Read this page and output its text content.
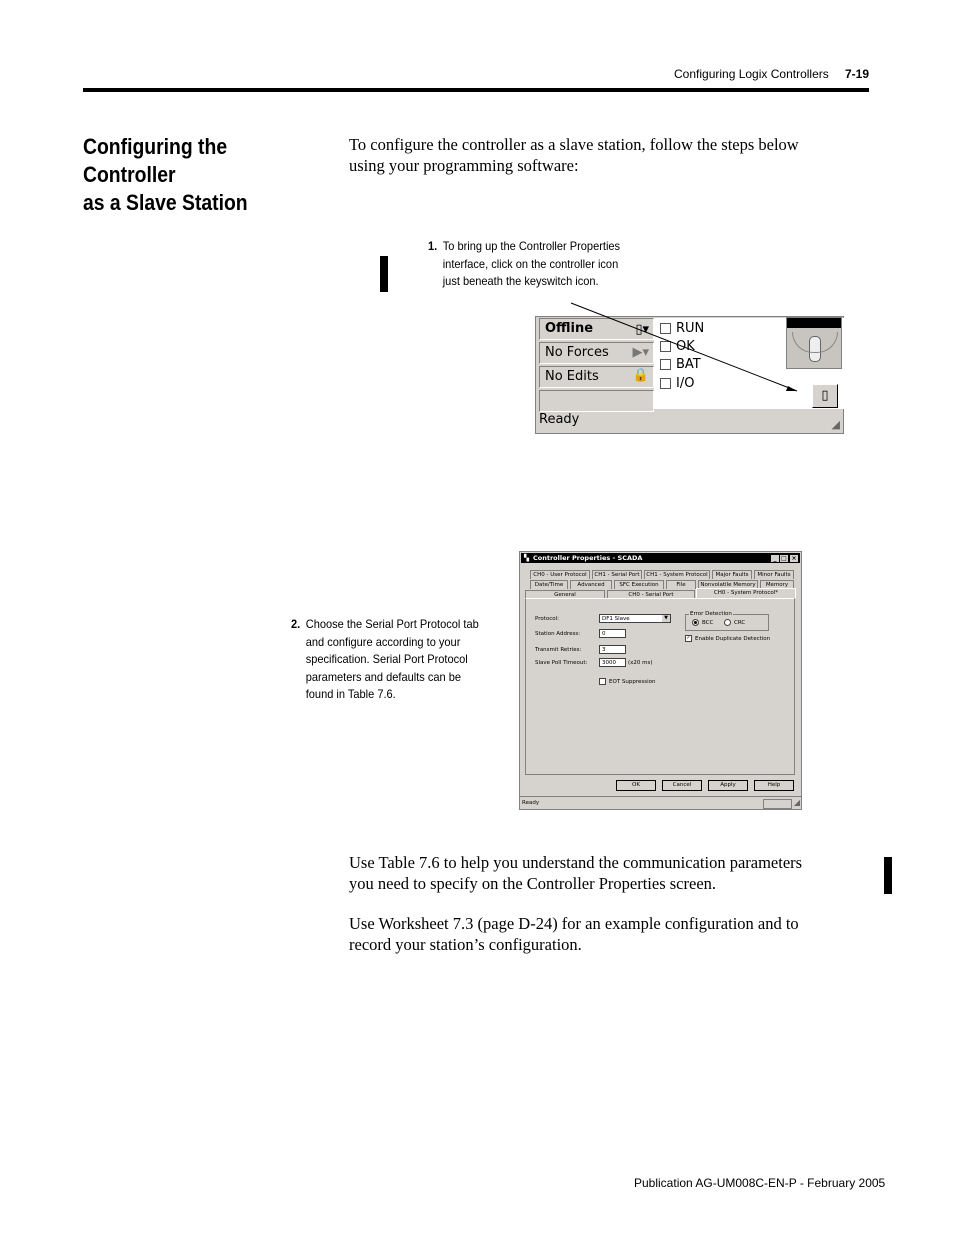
Configuring Logix Controllers 7-19
Configuring the Controller
as a Slave Station
To configure the controller as a slave station, follow the steps below
using your programming software:
1. To bring up the Controller Properties
interface, click on the controller icon
just beneath the keyswitch icon.
Offline	▯▾
No Forces ▶▾
No Edits	🔒
RUN
OK
BAT
I/O
▯
Ready	◢
2. Choose the Serial Port Protocol tab
and configure according to your
specification. Serial Port Protocol
parameters and defaults can be
found in Table 7.6.
▚ Controller Properties - SCADA	_ □ ×
CH0 - User Protocol	CH1 - Serial Port	CH1 - System Protocol	Major Faults	Minor Faults
Date/Time	Advanced	SFC Execution	File	Nonvolatile Memory	Memory
General	CH0 - Serial Port	CH0 - System Protocol*
Protocol:	DF1 Slave	▼
Station Address:	0
Transmit Retries:	3
Slave Poll Timeout:	3000	(x20 ms)
EOT Suppression
Error Detection
BCC	CRC
✓ Enable Duplicate Detection
OK	Cancel	Apply	Help
Ready	◢
Use Table 7.6 to help you understand the communication parameters
you need to specify on the Controller Properties screen.
Use Worksheet 7.3 (page D-24) for an example configuration and to
record your station’s configuration.
Publication AG-UM008C-EN-P - February 2005
